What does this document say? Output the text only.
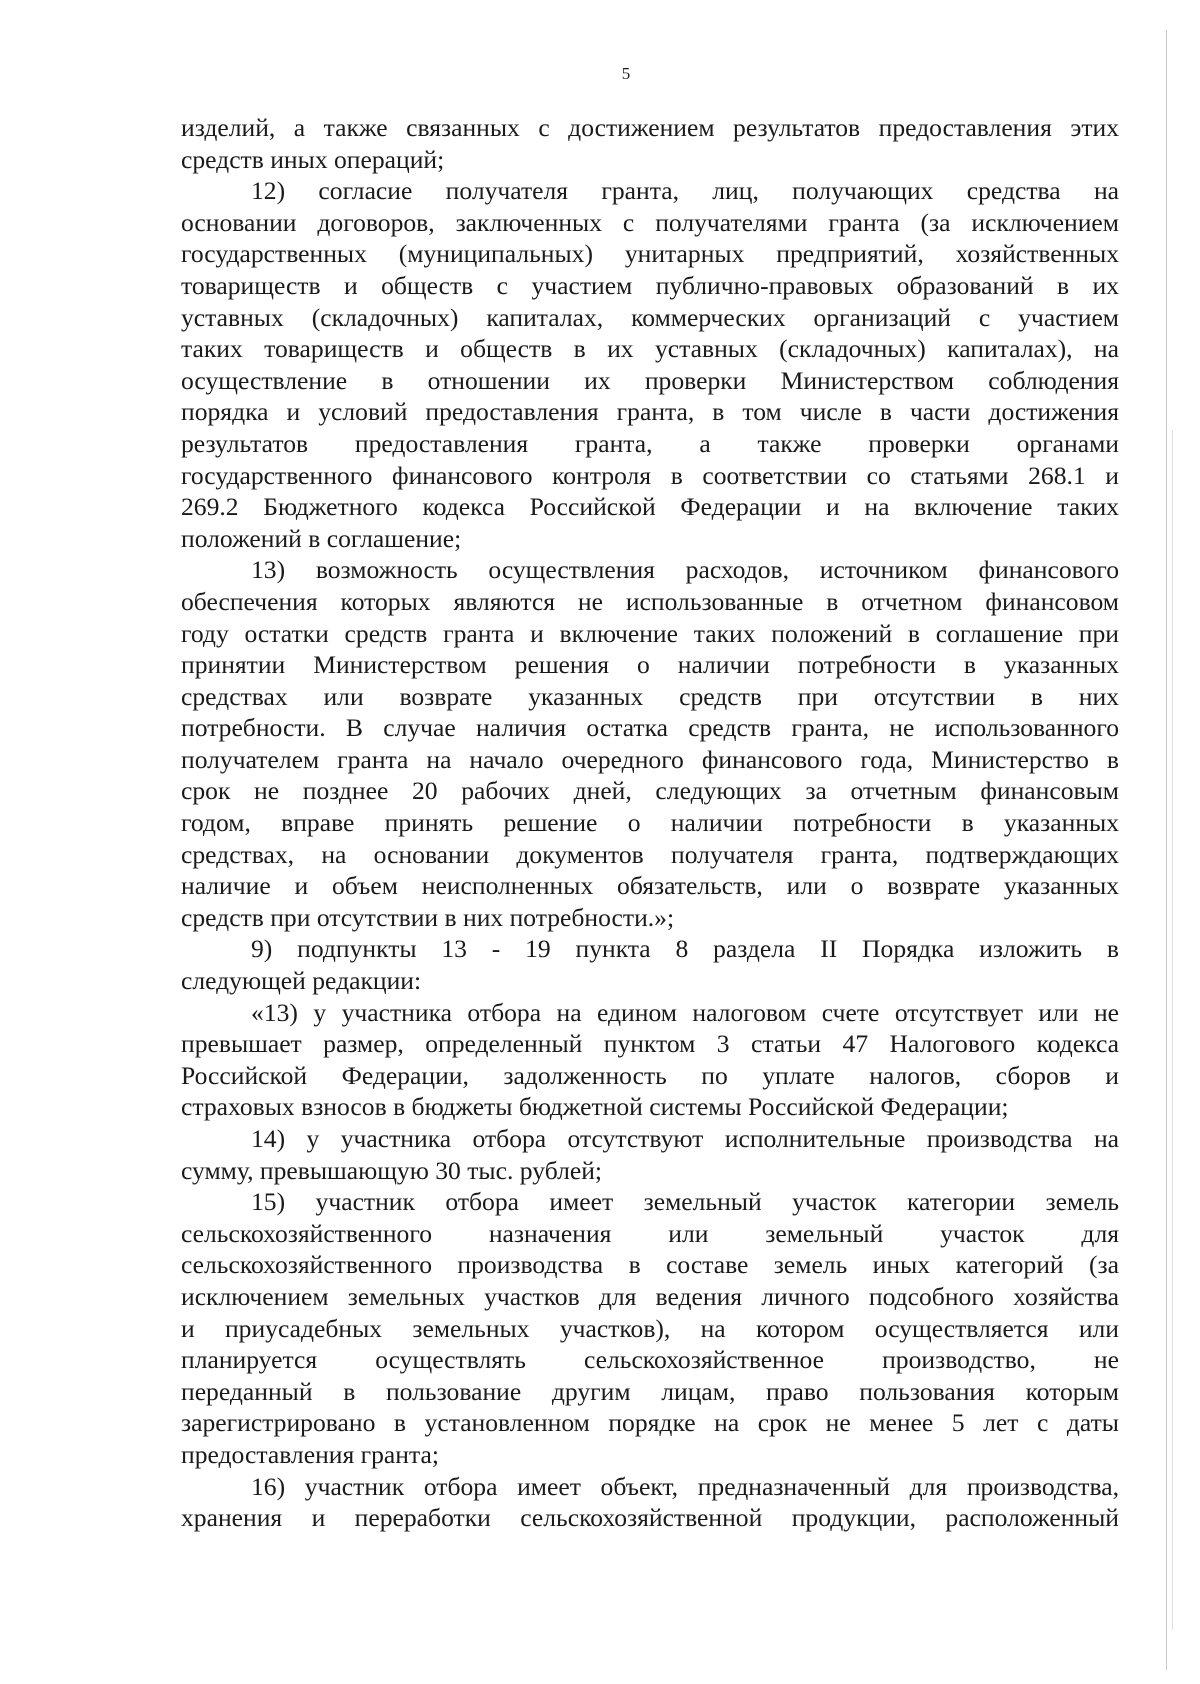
5
изделий, а также связанных с достижением результатов предоставления этих
средств иных операций;
12) согласие получателя гранта, лиц, получающих средства на
основании договоров, заключенных с получателями гранта (за исключением
государственных (муниципальных) унитарных предприятий, хозяйственных
товариществ и обществ с участием публично-правовых образований в их
уставных (складочных) капиталах, коммерческих организаций с участием
таких товариществ и обществ в их уставных (складочных) капиталах), на
осуществление в отношении их проверки Министерством соблюдения
порядка и условий предоставления гранта, в том числе в части достижения
результатов предоставления гранта, а также проверки органами
государственного финансового контроля в соответствии со статьями 268.1 и
269.2 Бюджетного кодекса Российской Федерации и на включение таких
положений в соглашение;
13) возможность осуществления расходов, источником финансового
обеспечения которых являются не использованные в отчетном финансовом
году остатки средств гранта и включение таких положений в соглашение при
принятии Министерством решения о наличии потребности в указанных
средствах или возврате указанных средств при отсутствии в них
потребности. В случае наличия остатка средств гранта, не использованного
получателем гранта на начало очередного финансового года, Министерство в
срок не позднее 20 рабочих дней, следующих за отчетным финансовым
годом, вправе принять решение о наличии потребности в указанных
средствах, на основании документов получателя гранта, подтверждающих
наличие и объем неисполненных обязательств, или о возврате указанных
средств при отсутствии в них потребности.»;
9) подпункты 13 - 19 пункта 8 раздела II Порядка изложить в
следующей редакции:
«13) у участника отбора на едином налоговом счете отсутствует или не
превышает размер, определенный пунктом 3 статьи 47 Налогового кодекса
Российской Федерации, задолженность по уплате налогов, сборов и
страховых взносов в бюджеты бюджетной системы Российской Федерации;
14) у участника отбора отсутствуют исполнительные производства на
сумму, превышающую 30 тыс. рублей;
15) участник отбора имеет земельный участок категории земель
сельскохозяйственного назначения или земельный участок для
сельскохозяйственного производства в составе земель иных категорий (за
исключением земельных участков для ведения личного подсобного хозяйства
и приусадебных земельных участков), на котором осуществляется или
планируется осуществлять сельскохозяйственное производство, не
переданный в пользование другим лицам, право пользования которым
зарегистрировано в установленном порядке на срок не менее 5 лет с даты
предоставления гранта;
16) участник отбора имеет объект, предназначенный для производства,
хранения и переработки сельскохозяйственной продукции, расположенный
